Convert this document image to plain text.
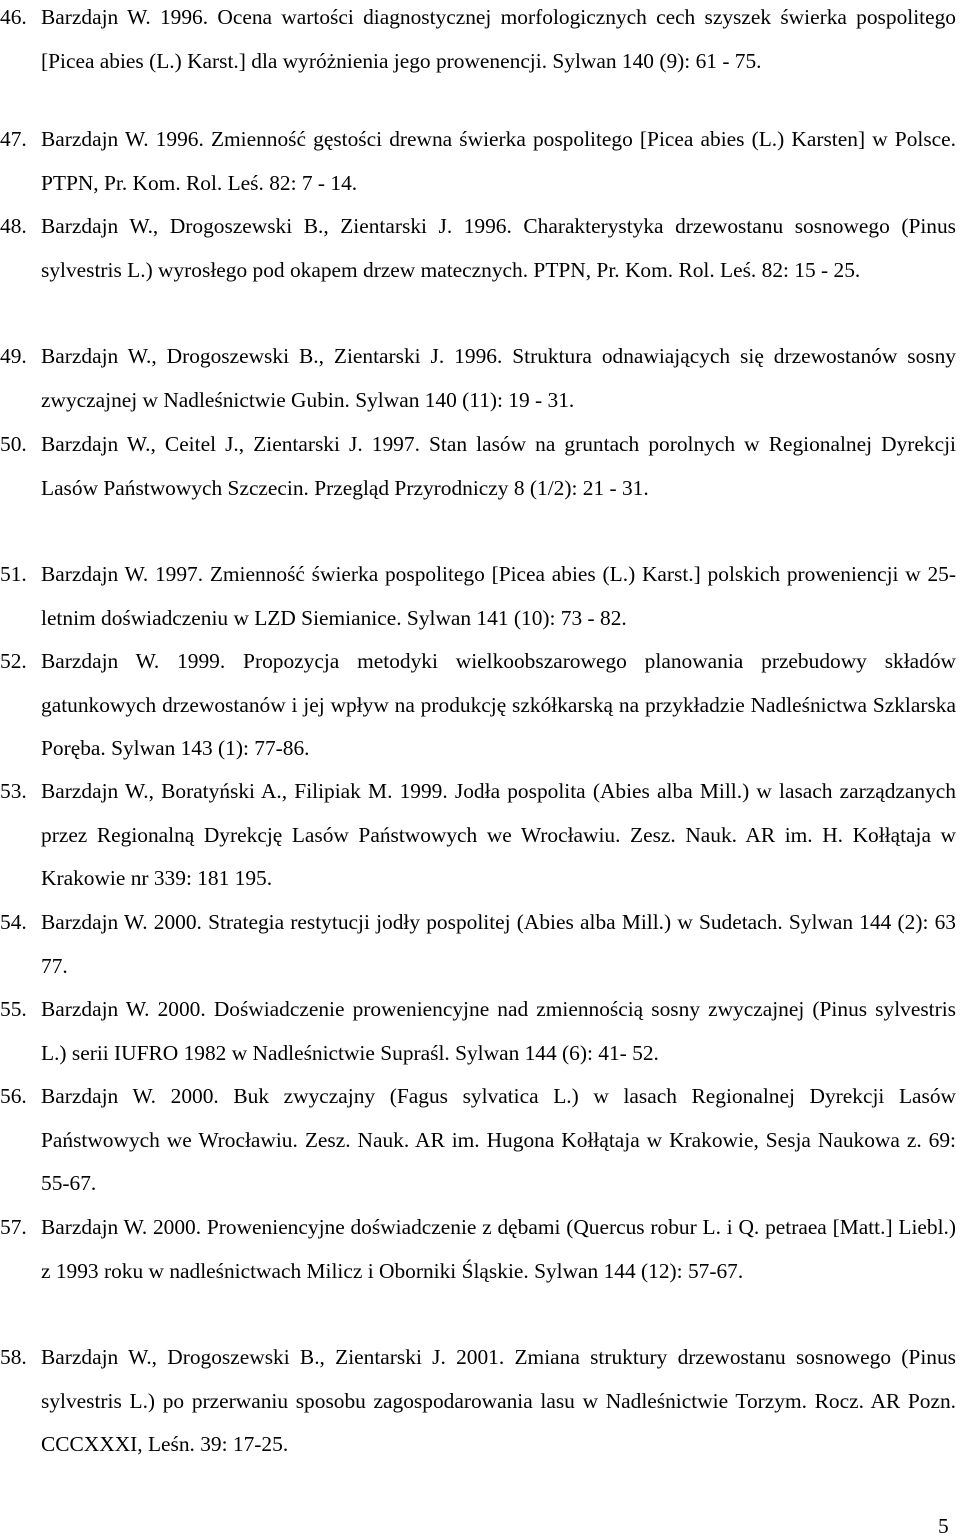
46. Barzdajn W. 1996. Ocena wartości diagnostycznej morfologicznych cech szyszek świerka pospolitego [Picea abies (L.) Karst.] dla wyróżnienia jego prowenencji. Sylwan 140 (9): 61 - 75.
47. Barzdajn W. 1996. Zmienność gęstości drewna świerka pospolitego [Picea abies (L.) Karsten] w Polsce. PTPN, Pr. Kom. Rol. Leś. 82: 7 - 14.
48. Barzdajn W., Drogoszewski B., Zientarski J. 1996. Charakterystyka drzewostanu sosnowego (Pinus sylvestris L.) wyrosłego pod okapem drzew matecznych. PTPN, Pr. Kom. Rol. Leś. 82: 15 - 25.
49. Barzdajn W., Drogoszewski B., Zientarski J. 1996. Struktura odnawiających się drzewostanów sosny zwyczajnej w Nadleśnictwie Gubin. Sylwan 140 (11): 19 - 31.
50. Barzdajn W., Ceitel J., Zientarski J. 1997. Stan lasów na gruntach porolnych w Regionalnej Dyrekcji Lasów Państwowych Szczecin. Przegląd Przyrodniczy 8 (1/2): 21 - 31.
51. Barzdajn W. 1997. Zmienność świerka pospolitego [Picea abies (L.) Karst.] polskich proweniencji w 25-letnim doświadczeniu w LZD Siemianice. Sylwan 141 (10): 73 - 82.
52. Barzdajn W. 1999. Propozycja metodyki wielkoobszarowego planowania przebudowy składów gatunkowych drzewostanów i jej wpływ na produkcję szkółkarską na przykładzie Nadleśnictwa Szklarska Poręba. Sylwan 143 (1): 77-86.
53. Barzdajn W., Boratyński A., Filipiak M. 1999. Jodła pospolita (Abies alba Mill.) w lasach zarządzanych przez Regionalną Dyrekcję Lasów Państwowych we Wrocławiu. Zesz. Nauk. AR im. H. Kołłątaja w Krakowie nr 339: 181 195.
54. Barzdajn W. 2000. Strategia restytucji jodły pospolitej (Abies alba Mill.) w Sudetach. Sylwan 144 (2): 63 77.
55. Barzdajn W. 2000. Doświadczenie proweniencyjne nad zmiennością sosny zwyczajnej (Pinus sylvestris L.) serii IUFRO 1982 w Nadleśnictwie Supraśl. Sylwan 144 (6): 41- 52.
56. Barzdajn W. 2000. Buk zwyczajny (Fagus sylvatica L.) w lasach Regionalnej Dyrekcji Lasów Państwowych we Wrocławiu. Zesz. Nauk. AR im. Hugona Kołłątaja w Krakowie, Sesja Naukowa z. 69: 55-67.
57. Barzdajn W. 2000. Proweniencyjne doświadczenie z dębami (Quercus robur L. i Q. petraea [Matt.] Liebl.) z 1993 roku w nadleśnictwach Milicz i Oborniki Śląskie. Sylwan 144 (12): 57-67.
58. Barzdajn W., Drogoszewski B., Zientarski J. 2001. Zmiana struktury drzewostanu sosnowego (Pinus sylvestris L.) po przerwaniu sposobu zagospodarowania lasu w Nadleśnictwie Torzym. Rocz. AR Pozn. CCCXXXI, Leśn. 39: 17-25.
5
